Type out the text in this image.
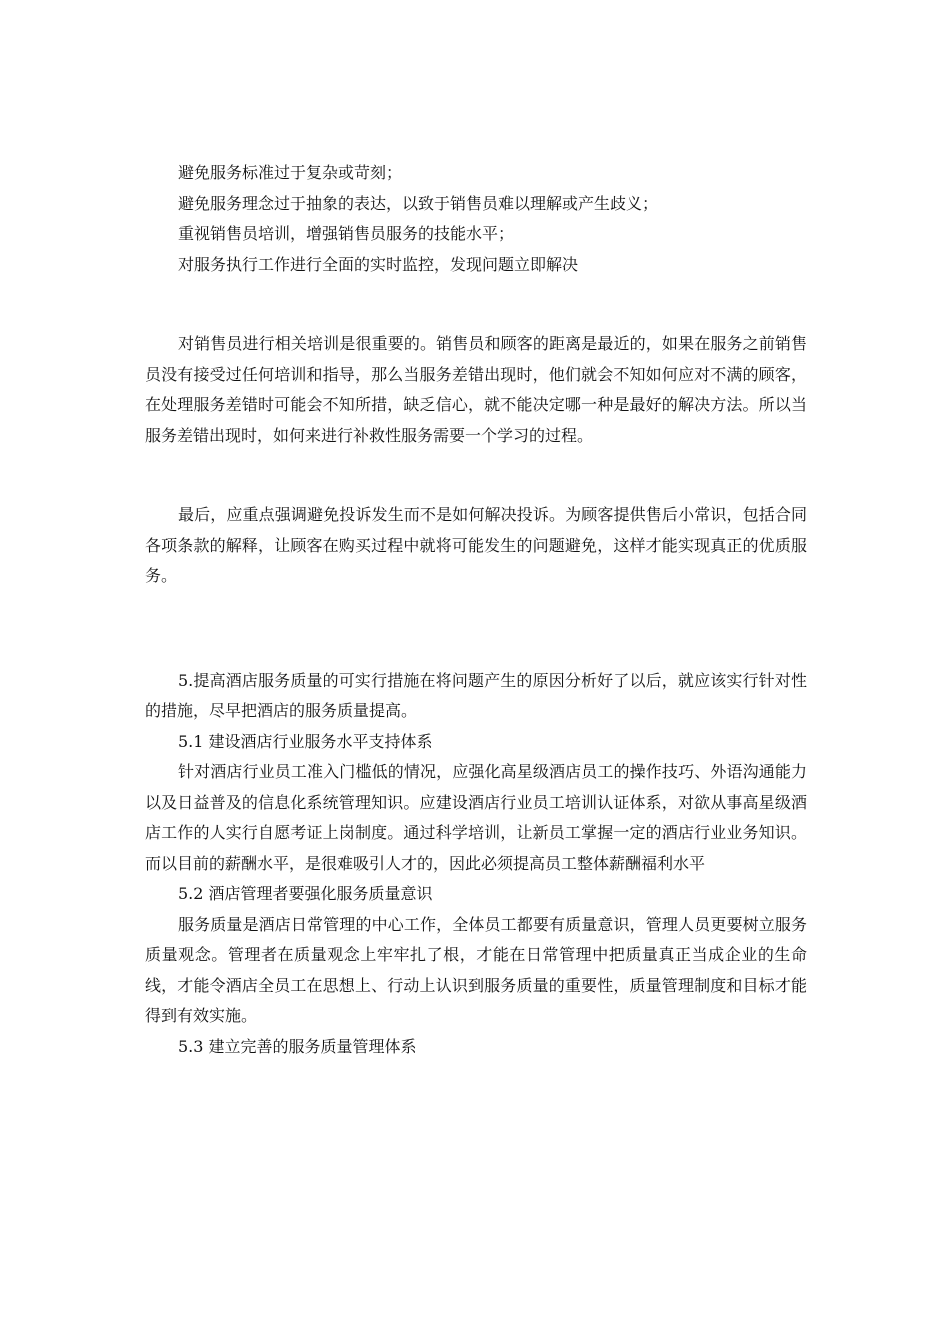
避免服务标准过于复杂或苛刻；
避免服务理念过于抽象的表达，以致于销售员难以理解或产生歧义；
重视销售员培训，增强销售员服务的技能水平；
对服务执行工作进行全面的实时监控，发现问题立即解决

对销售员进行相关培训是很重要的。销售员和顾客的距离是最近的，如果在服务之前销售员没有接受过任何培训和指导，那么当服务差错出现时，他们就会不知如何应对不满的顾客，在处理服务差错时可能会不知所措，缺乏信心，就不能决定哪一种是最好的解决方法。所以当服务差错出现时，如何来进行补救性服务需要一个学习的过程。

最后，应重点强调避免投诉发生而不是如何解决投诉。为顾客提供售后小常识，包括合同各项条款的解释，让顾客在购买过程中就将可能发生的问题避免，这样才能实现真正的优质服务。

5.提高酒店服务质量的可实行措施在将问题产生的原因分析好了以后，就应该实行针对性的措施，尽早把酒店的服务质量提高。

5.1 建设酒店行业服务水平支持体系

针对酒店行业员工准入门槛低的情况，应强化高星级酒店员工的操作技巧、外语沟通能力以及日益普及的信息化系统管理知识。应建设酒店行业员工培训认证体系，对欲从事高星级酒店工作的人实行自愿考证上岗制度。通过科学培训，让新员工掌握一定的酒店行业业务知识。而以目前的薪酬水平，是很难吸引人才的，因此必须提高员工整体薪酬福利水平

5.2 酒店管理者要强化服务质量意识

服务质量是酒店日常管理的中心工作，全体员工都要有质量意识，管理人员更要树立服务质量观念。管理者在质量观念上牢牢扎了根，才能在日常管理中把质量真正当成企业的生命线，才能令酒店全员工在思想上、行动上认识到服务质量的重要性，质量管理制度和目标才能得到有效实施。

5.3 建立完善的服务质量管理体系
